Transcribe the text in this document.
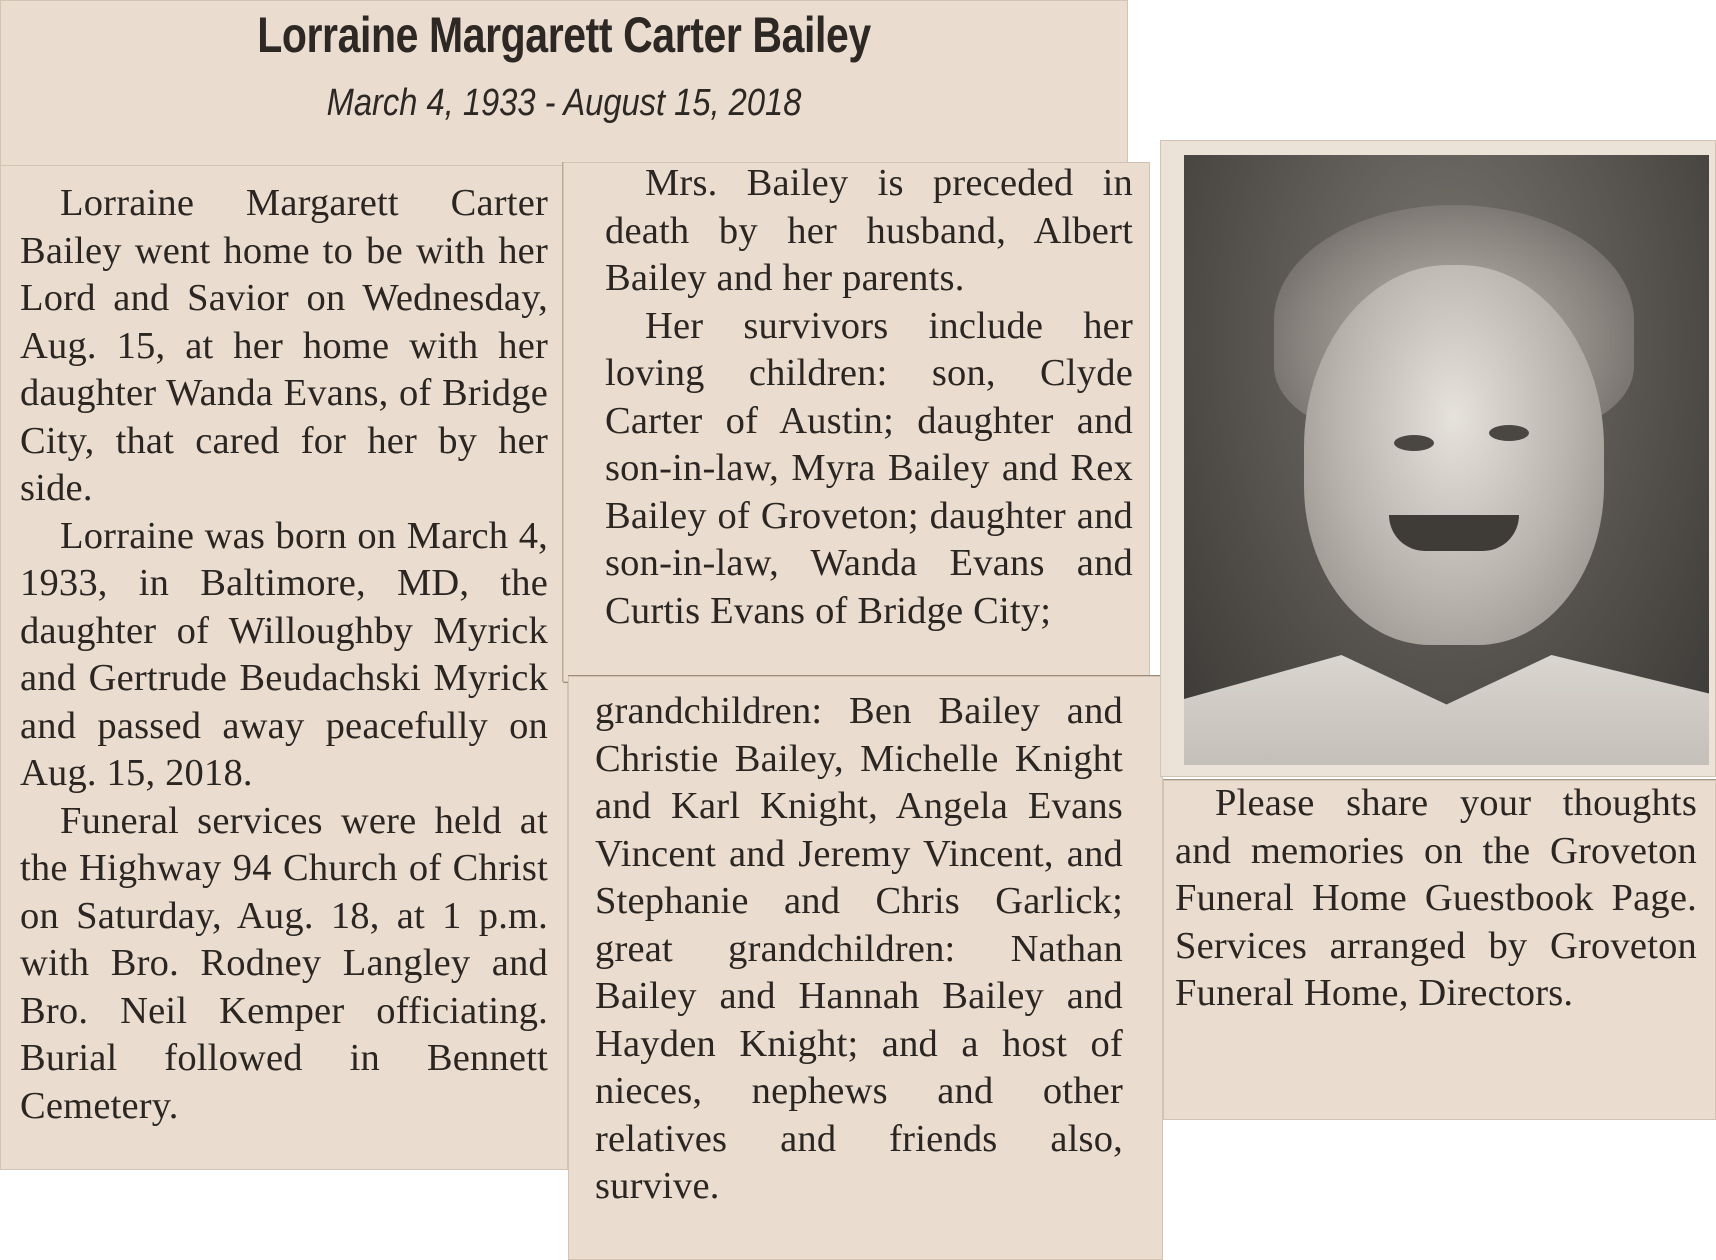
Lorraine Margarett Carter Bailey

March 4, 1933 - August 15, 2018

Lorraine Margarett Carter Bailey went home to be with her Lord and Savior on Wednesday, Aug. 15, at her home with her daughter Wanda Evans, of Bridge City, that cared for her by her side.

Lorraine was born on March 4, 1933, in Baltimore, MD, the daughter of Willoughby Myrick and Gertrude Beudachski Myrick and passed away peacefully on Aug. 15, 2018.

Funeral services were held at the Highway 94 Church of Christ on Saturday, Aug. 18, at 1 p.m. with Bro. Rodney Langley and Bro. Neil Kemper officiating. Burial followed in Bennett Cemetery.

Mrs. Bailey is preceded in death by her husband, Albert Bailey and her parents.

Her survivors include her loving children: son, Clyde Carter of Austin; daughter and son-in-law, Myra Bailey and Rex Bailey of Groveton; daughter and son-in-law, Wanda Evans and Curtis Evans of Bridge City;

grandchildren: Ben Bailey and Christie Bailey, Michelle Knight and Karl Knight, Angela Evans Vincent and Jeremy Vincent, and Stephanie and Chris Garlick; great grandchildren: Nathan Bailey and Hannah Bailey and Hayden Knight; and a host of nieces, nephews and other relatives and friends also, survive.

Please share your thoughts and memories on the Groveton Funeral Home Guestbook Page. Services arranged by Groveton Funeral Home, Directors.
